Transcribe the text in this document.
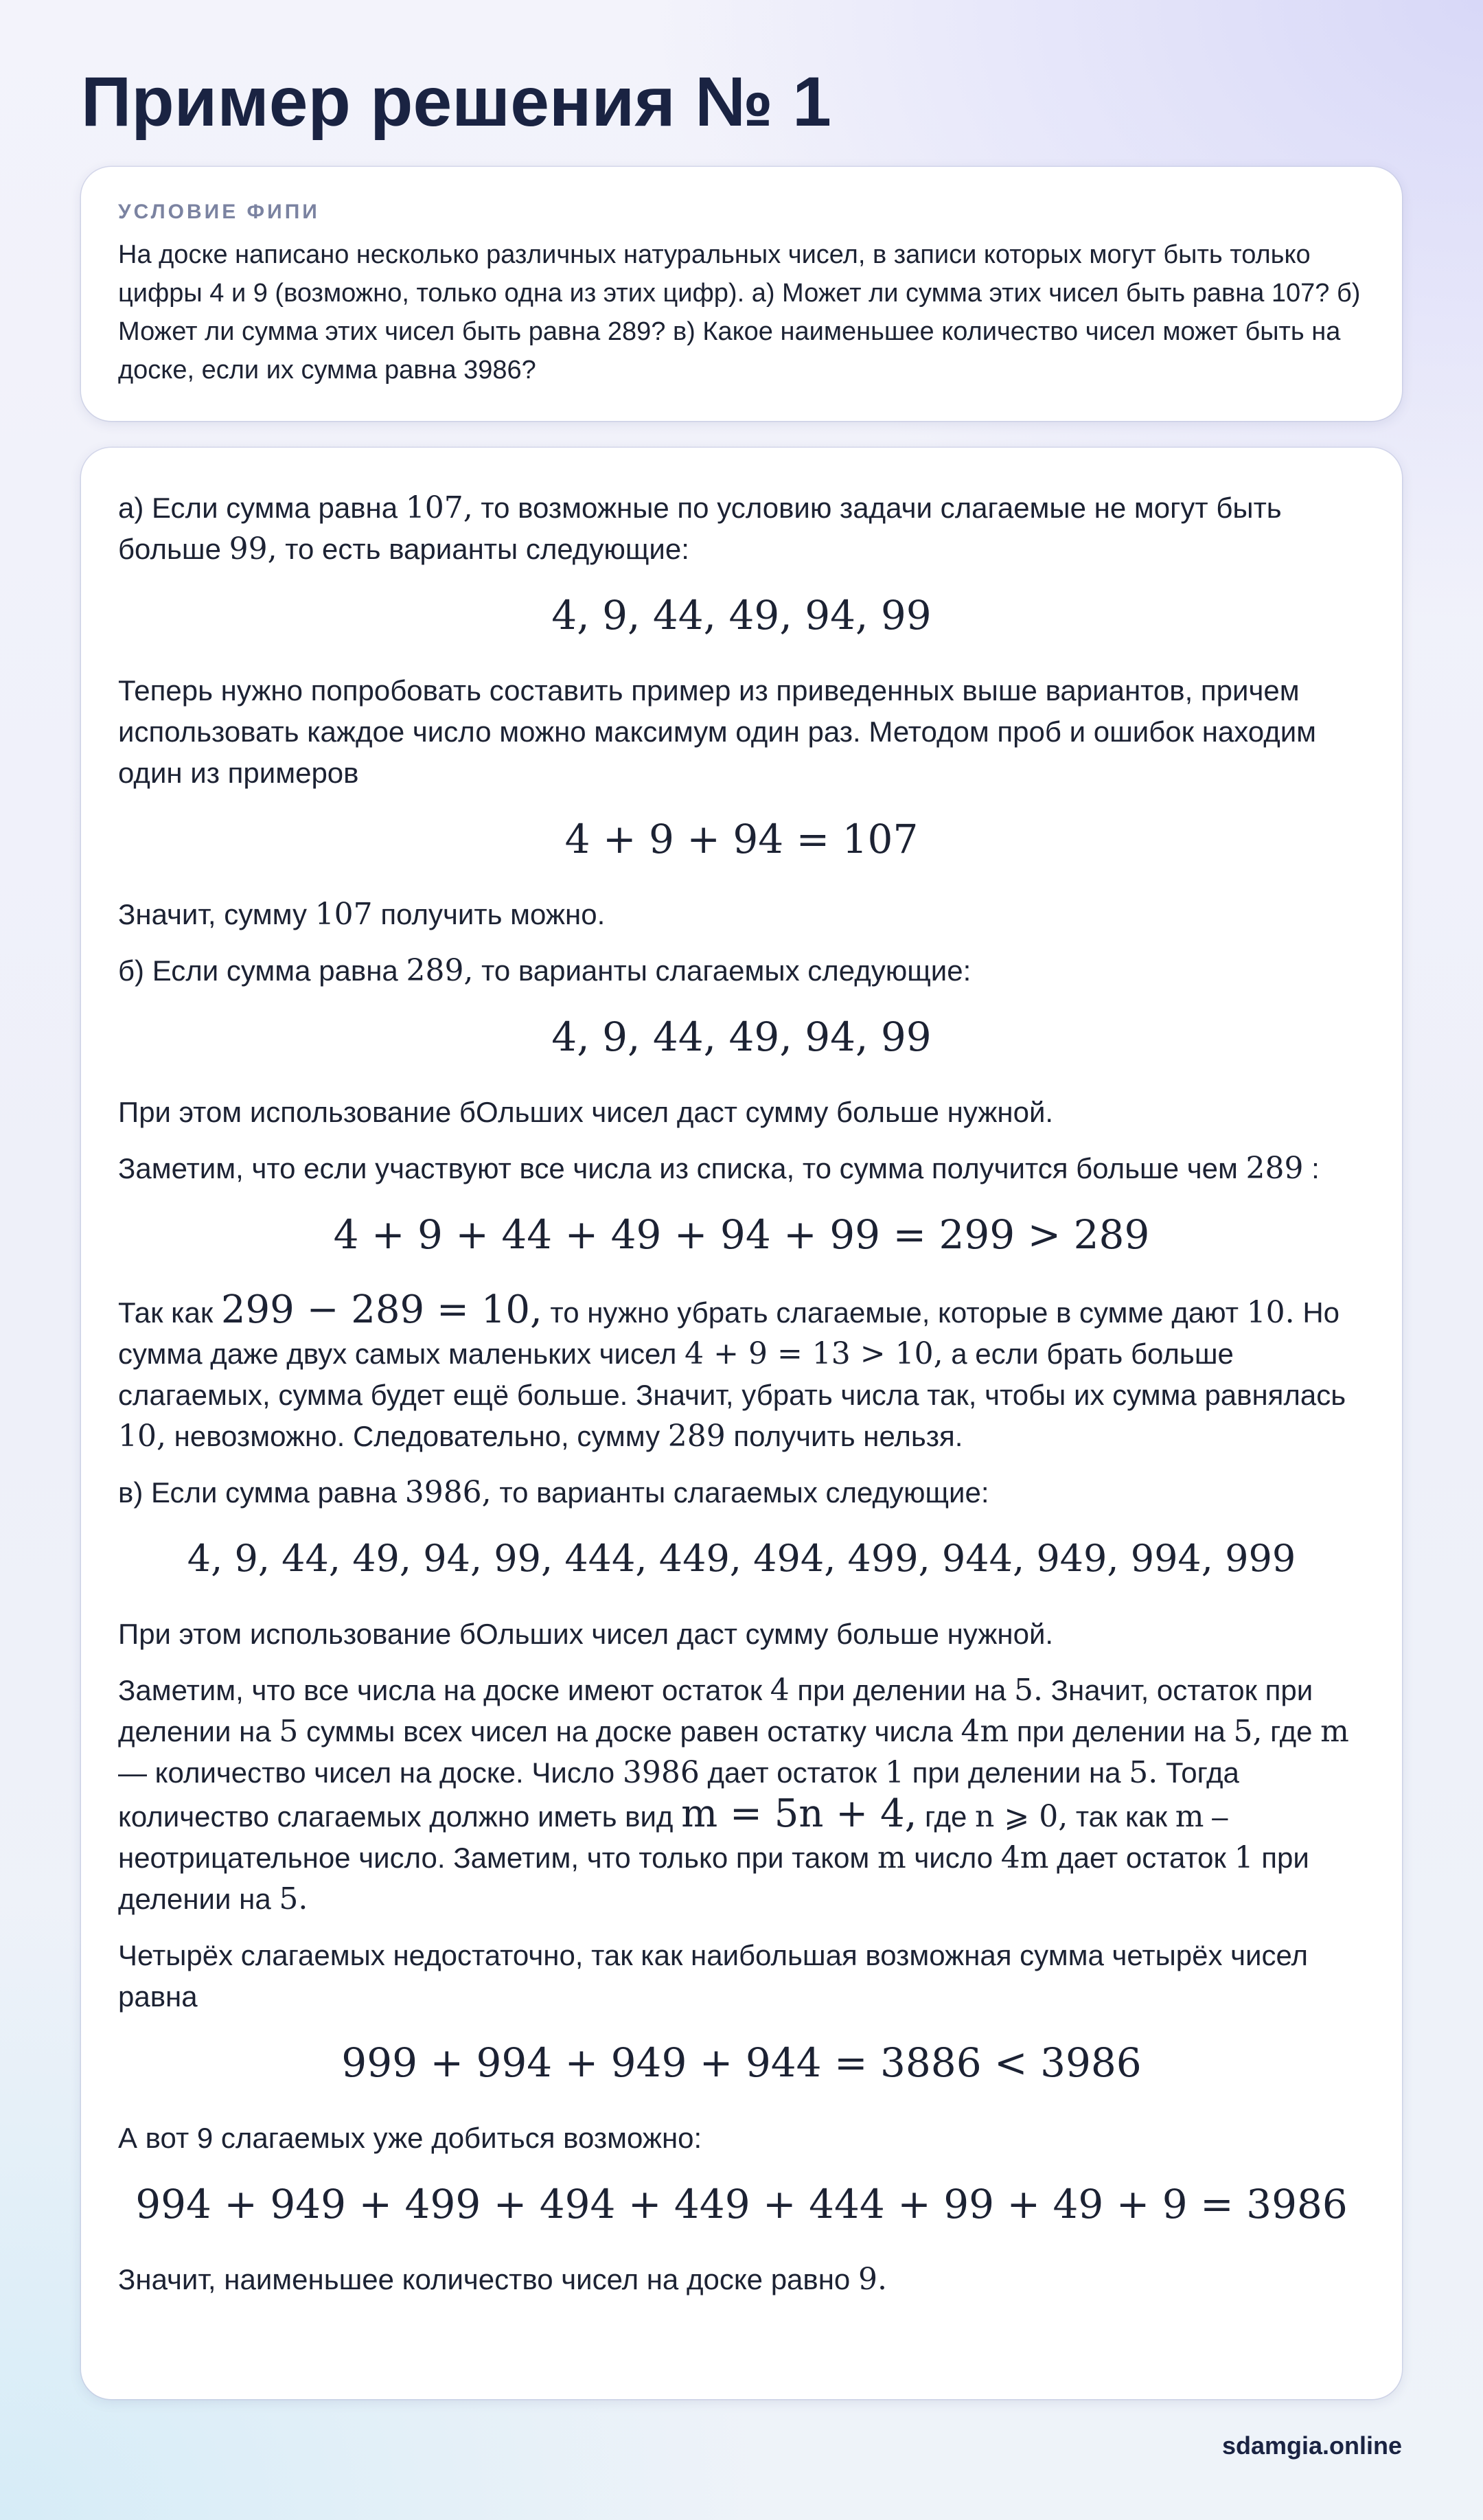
Пример решения № 1
УСЛОВИЕ ФИПИ

На доске написано несколько различных натуральных чисел, в записи которых могут быть только цифры 4 и 9 (возможно, только одна из этих цифр). а) Может ли сумма этих чисел быть равна 107? б) Может ли сумма этих чисел быть равна 289? в) Какое наименьшее количество чисел может быть на доске, если их сумма равна 3986?

а) Если сумма равна 107, то возможные по условию задачи слагаемые не могут быть больше 99, то есть варианты следующие:

4, 9, 44, 49, 94, 99

Теперь нужно попробовать составить пример из приведенных выше вариантов, причем использовать каждое число можно максимум один раз. Методом проб и ошибок находим один из примеров

4 + 9 + 94 = 107

Значит, сумму 107 получить можно.

б) Если сумма равна 289, то варианты слагаемых следующие:

4, 9, 44, 49, 94, 99

При этом использование бОльших чисел даст сумму больше нужной.

Заметим, что если участвуют все числа из списка, то сумма получится больше чем 289 :

4 + 9 + 44 + 49 + 94 + 99 = 299 > 289

Так как 299 − 289 = 10, то нужно убрать слагаемые, которые в сумме дают 10. Но сумма даже двух самых маленьких чисел 4 + 9 = 13 > 10, а если брать больше слагаемых, сумма будет ещё больше. Значит, убрать числа так, чтобы их сумма равнялась 10, невозможно. Следовательно, сумму 289 получить нельзя.

в) Если сумма равна 3986, то варианты слагаемых следующие:

4, 9, 44, 49, 94, 99, 444, 449, 494, 499, 944, 949, 994, 999

При этом использование бОльших чисел даст сумму больше нужной.

Заметим, что все числа на доске имеют остаток 4 при делении на 5. Значит, остаток при делении на 5 суммы всех чисел на доске равен остатку числа 4m при делении на 5, где m — количество чисел на доске. Число 3986 дает остаток 1 при делении на 5. Тогда количество слагаемых должно иметь вид m = 5n + 4, где n ⩾ 0, так как m – неотрицательное число. Заметим, что только при таком m число 4m дает остаток 1 при делении на 5.

Четырёх слагаемых недостаточно, так как наибольшая возможная сумма четырёх чисел равна

999 + 994 + 949 + 944 = 3886 < 3986

А вот 9 слагаемых уже добиться возможно:

994 + 949 + 499 + 494 + 449 + 444 + 99 + 49 + 9 = 3986

Значит, наименьшее количество чисел на доске равно 9.

sdamgia.online
